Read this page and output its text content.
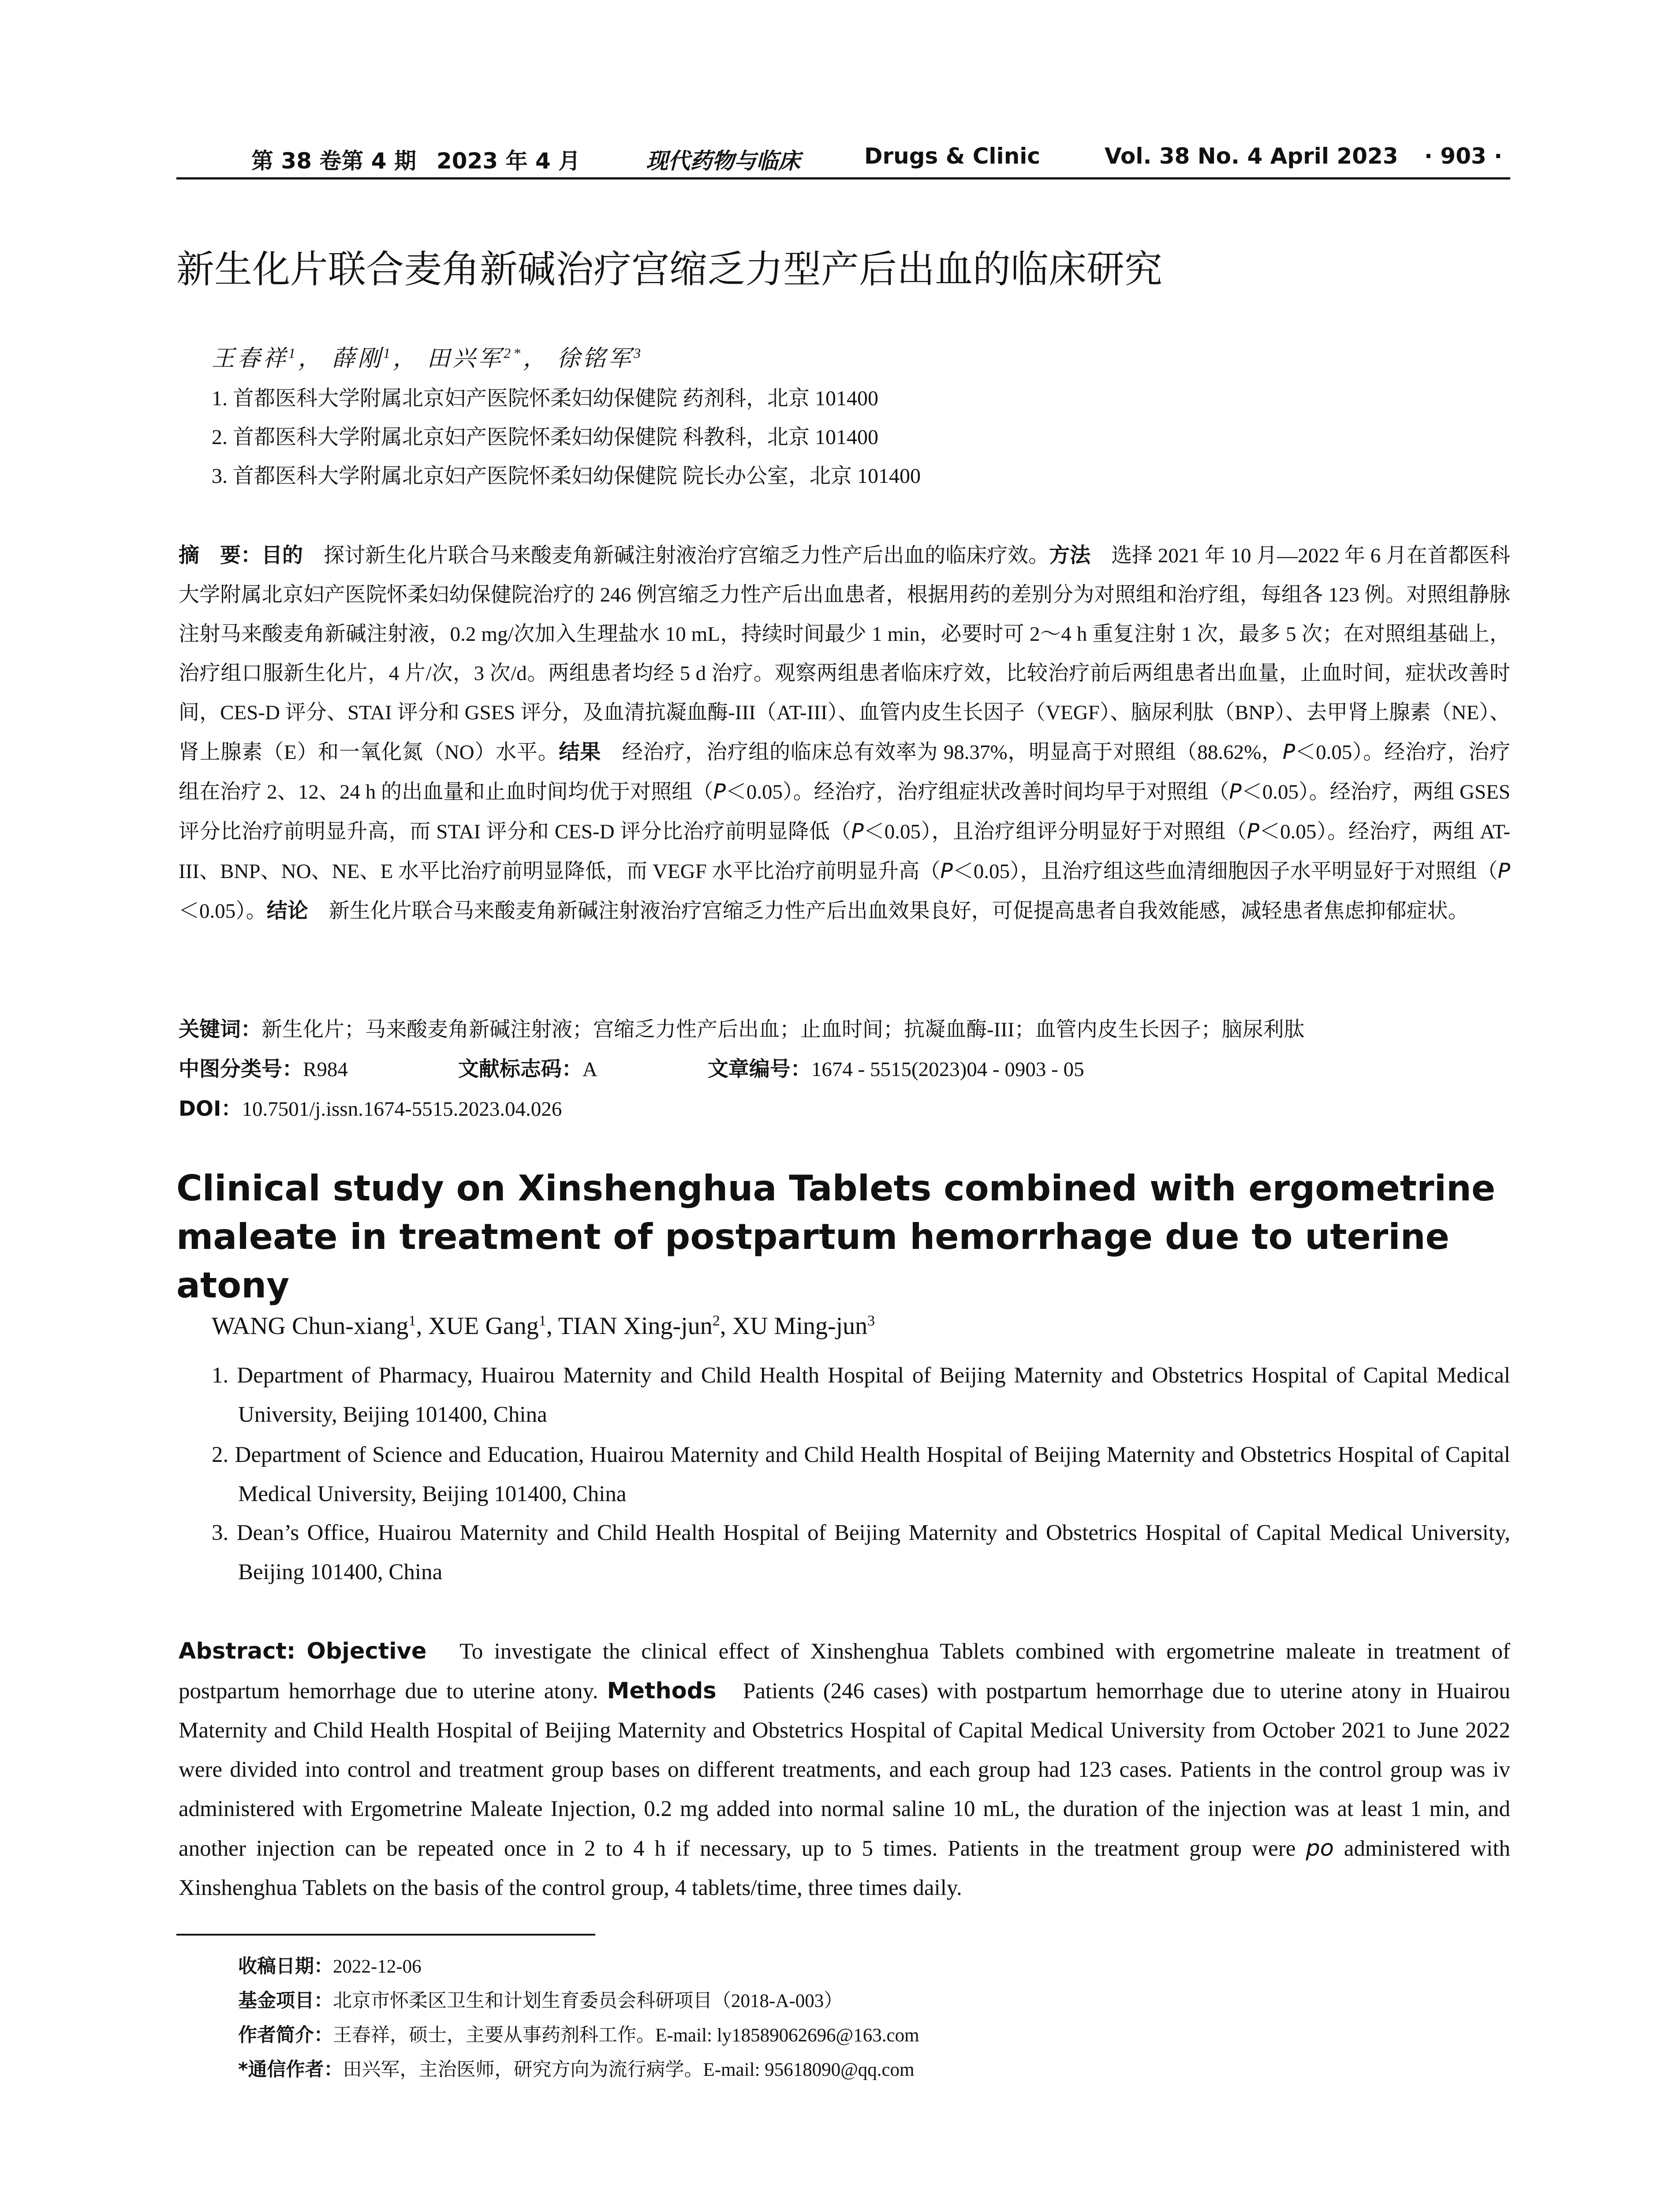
第 38 卷第 4 期 2023 年 4 月	现代药物与临床	Drugs & Clinic	Vol. 38 No. 4 April 2023 · 903 ·
新生化片联合麦角新碱治疗宫缩乏力型产后出血的临床研究
王春祥$^1$， 薛刚$^1$， 田兴军$^{2*}$， 徐铭军$^3$
1. 首都医科大学附属北京妇产医院怀柔妇幼保健院 药剂科，北京 101400
2. 首都医科大学附属北京妇产医院怀柔妇幼保健院 科教科，北京 101400
3. 首都医科大学附属北京妇产医院怀柔妇幼保健院 院长办公室，北京 101400
摘　要：目的　 探讨新生化片联合马来酸麦角新碱注射液治疗宫缩乏力性产后出血的临床疗效。方法　 选择 2021 年 10 月—2022 年 6 月在首都医科大学附属北京妇产医院怀柔妇幼保健院治疗的 246 例宫缩乏力性产后出血患者，根据用药的差别分为对照组和治疗组，每组各 123 例。对照组静脉注射马来酸麦角新碱注射液，0.2 mg/次加入生理盐水 10 mL，持续时间最少 1 min，必要时可 2～4 h 重复注射 1 次，最多 5 次；在对照组基础上，治疗组口服新生化片，4 片/次，3 次/d。两组患者均经 5 d 治疗。观察两组患者临床疗效，比较治疗前后两组患者出血量，止血时间，症状改善时间，CES-D 评分、STAI 评分和 GSES 评分，及血清抗凝血酶-III（AT-III）、血管内皮生长因子（VEGF）、脑尿利肽（BNP）、去甲肾上腺素（NE）、肾上腺素（E）和一氧化氮（NO）水平。结果　 经治疗，治疗组的临床总有效率为 98.37%，明显高于对照组（88.62%，P＜0.05）。经治疗，治疗组在治疗 2、12、24 h 的出血量和止血时间均优于对照组（P＜0.05）。经治疗，治疗组症状改善时间均早于对照组（P＜0.05）。经治疗，两组 GSES 评分比治疗前明显升高，而 STAI 评分和 CES-D 评分比治疗前明显降低（P＜0.05），且治疗组评分明显好于对照组（P＜0.05）。经治疗，两组 AT-III、BNP、NO、NE、E 水平比治疗前明显降低，而 VEGF 水平比治疗前明显升高（P＜0.05），且治疗组这些血清细胞因子水平明显好于对照组（P＜0.05）。结论　 新生化片联合马来酸麦角新碱注射液治疗宫缩乏力性产后出血效果良好，可促提高患者自我效能感，减轻患者焦虑抑郁症状。
关键词：新生化片；马来酸麦角新碱注射液；宫缩乏力性产后出血；止血时间；抗凝血酶-III；血管内皮生长因子；脑尿利肽
中图分类号：R984	文献标志码：A	文章编号：1674 - 5515(2023)04 - 0903 - 05
DOI：10.7501/j.issn.1674-5515.2023.04.026
Clinical study on Xinshenghua Tablets combined with ergometrine maleate in treatment of postpartum hemorrhage due to uterine atony
WANG Chun-xiang$^1$, XUE Gang$^1$, TIAN Xing-jun$^2$, XU Ming-jun$^3$
1. Department of Pharmacy, Huairou Maternity and Child Health Hospital of Beijing Maternity and Obstetrics Hospital of Capital Medical University, Beijing 101400, China
2. Department of Science and Education, Huairou Maternity and Child Health Hospital of Beijing Maternity and Obstetrics Hospital of Capital Medical University, Beijing 101400, China
3. Dean’s Office, Huairou Maternity and Child Health Hospital of Beijing Maternity and Obstetrics Hospital of Capital Medical University, Beijing 101400, China
Abstract: Objective To investigate the clinical effect of Xinshenghua Tablets combined with ergometrine maleate in treatment of postpartum hemorrhage due to uterine atony. Methods Patients (246 cases) with postpartum hemorrhage due to uterine atony in Huairou Maternity and Child Health Hospital of Beijing Maternity and Obstetrics Hospital of Capital Medical University from October 2021 to June 2022 were divided into control and treatment group bases on different treatments, and each group had 123 cases. Patients in the control group was iv administered with Ergometrine Maleate Injection, 0.2 mg added into normal saline 10 mL, the duration of the injection was at least 1 min, and another injection can be repeated once in 2 to 4 h if necessary, up to 5 times. Patients in the treatment group were po administered with Xinshenghua Tablets on the basis of the control group, 4 tablets/time, three times daily.
收稿日期：2022-12-06
基金项目：北京市怀柔区卫生和计划生育委员会科研项目（2018-A-003）
作者简介：王春祥，硕士，主要从事药剂科工作。E-mail: ly18589062696@163.com
*通信作者：田兴军，主治医师，研究方向为流行病学。E-mail: 95618090@qq.com
